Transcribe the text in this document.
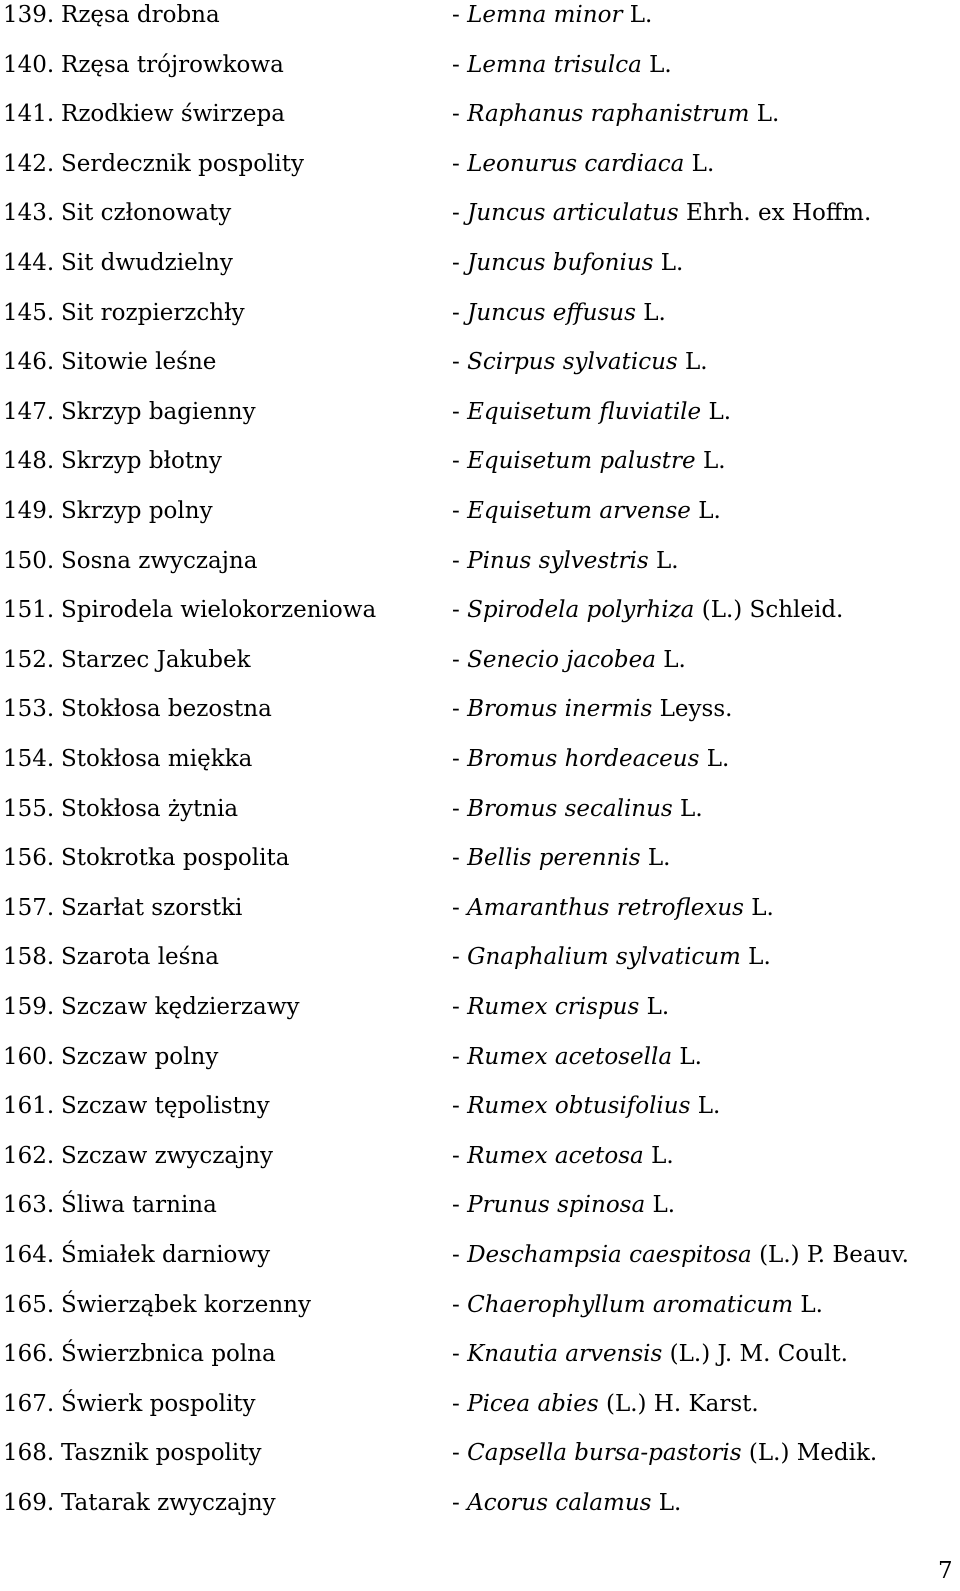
139. Rzęsa drobna	- Lemna minor L.
140. Rzęsa trójrowkowa	- Lemna trisulca L.
141. Rzodkiew świrzepa	- Raphanus raphanistrum L.
142. Serdecznik pospolity	- Leonurus cardiaca L.
143. Sit członowaty	- Juncus articulatus Ehrh. ex Hoffm.
144. Sit dwudzielny	- Juncus bufonius L.
145. Sit rozpierzchły	- Juncus effusus L.
146. Sitowie leśne	- Scirpus sylvaticus L.
147. Skrzyp bagienny	- Equisetum fluviatile L.
148. Skrzyp błotny	- Equisetum palustre L.
149. Skrzyp polny	- Equisetum arvense L.
150. Sosna zwyczajna	- Pinus sylvestris L.
151. Spirodela wielokorzeniowa	- Spirodela polyrhiza (L.) Schleid.
152. Starzec Jakubek	- Senecio jacobea L.
153. Stokłosa bezostna	- Bromus inermis Leyss.
154. Stokłosa miękka	- Bromus hordeaceus L.
155. Stokłosa żytnia	- Bromus secalinus L.
156. Stokrotka pospolita	- Bellis perennis L.
157. Szarłat szorstki	- Amaranthus retroflexus L.
158. Szarota leśna	- Gnaphalium sylvaticum L.
159. Szczaw kędzierzawy	- Rumex crispus L.
160. Szczaw polny	- Rumex acetosella L.
161. Szczaw tępolistny	- Rumex obtusifolius L.
162. Szczaw zwyczajny	- Rumex acetosa L.
163. Śliwa tarnina	- Prunus spinosa L.
164. Śmiałek darniowy	- Deschampsia caespitosa (L.) P. Beauv.
165. Świerząbek korzenny	- Chaerophyllum aromaticum L.
166. Świerzbnica polna	- Knautia arvensis (L.) J. M. Coult.
167. Świerk pospolity	- Picea abies (L.) H. Karst.
168. Tasznik pospolity	- Capsella bursa-pastoris (L.) Medik.
169. Tatarak zwyczajny	- Acorus calamus L.
7
